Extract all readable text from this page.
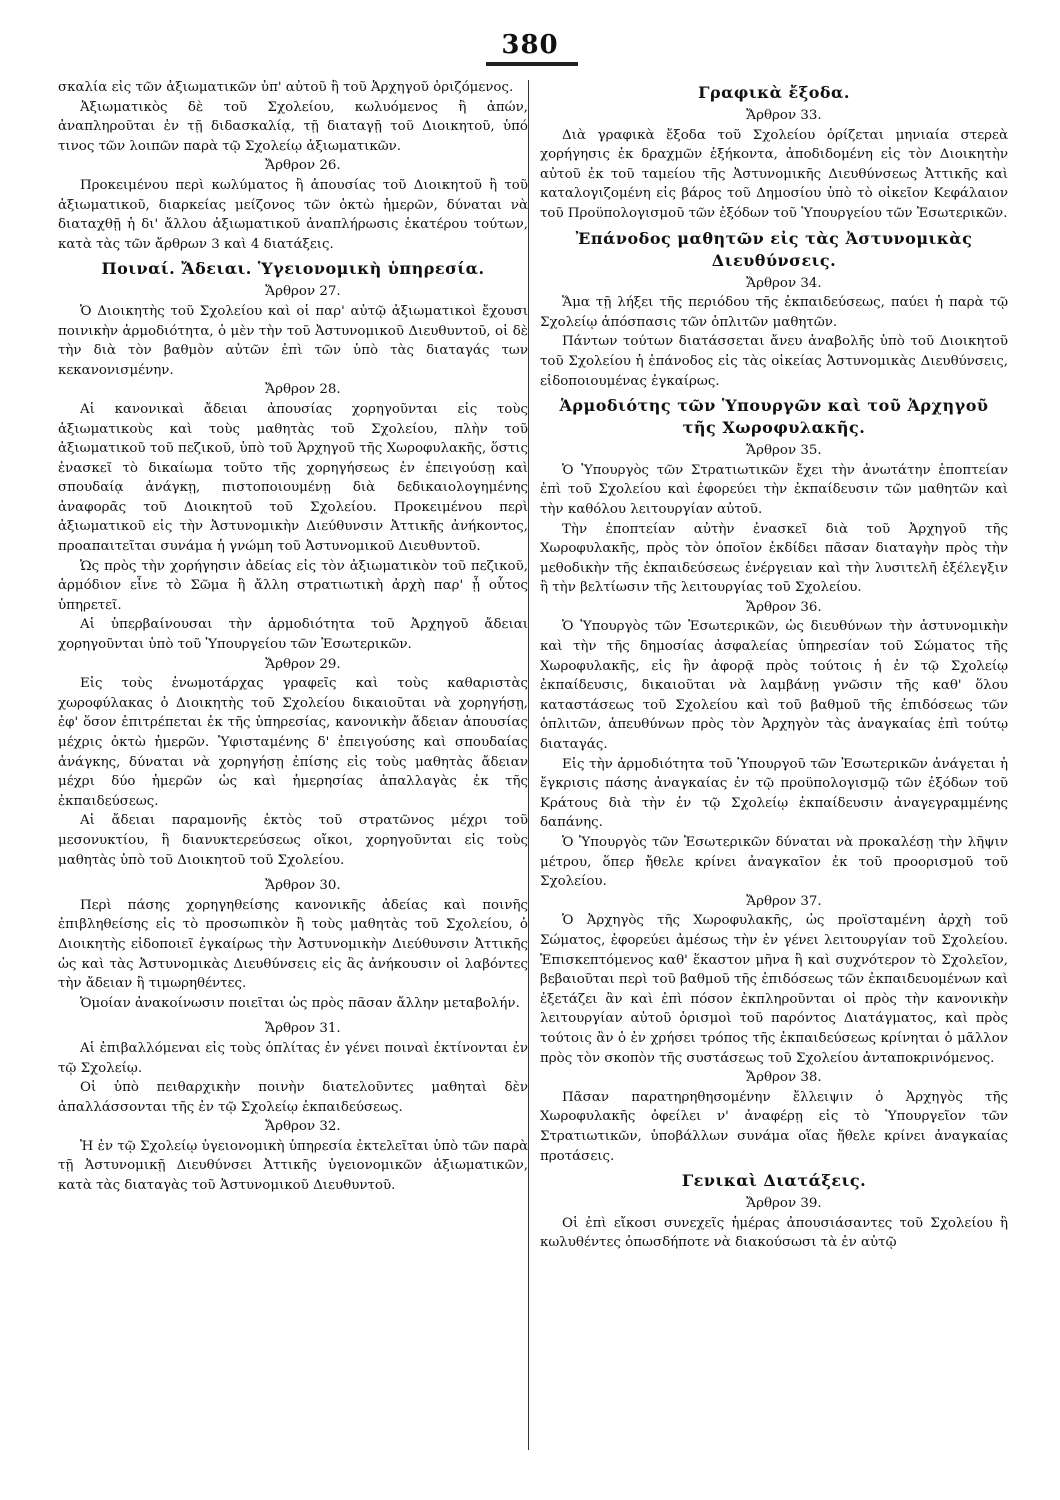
380

σκαλία εἰς τῶν ἀξιωματικῶν ὑπ' αὐτοῦ ἢ τοῦ Ἀρχηγοῦ ὁριζόμενος.

Ἀξιωματικὸς δὲ τοῦ Σχολείου, κωλυόμενος ἢ ἀπών, ἀναπληροῦται ἐν τῇ διδασκαλίᾳ, τῇ διαταγῇ τοῦ Διοικητοῦ, ὑπό τινος τῶν λοιπῶν παρὰ τῷ Σχολείῳ ἀξιωματικῶν.

Ἄρθρον 26.

Προκειμένου περὶ κωλύματος ἢ ἀπουσίας τοῦ Διοικητοῦ ἢ τοῦ ἀξιωματικοῦ, διαρκείας μείζονος τῶν ὀκτὼ ἡμερῶν, δύναται νὰ διαταχθῇ ἡ δι' ἄλλου ἀξιωματικοῦ ἀναπλήρωσις ἑκατέρου τούτων, κατὰ τὰς τῶν ἄρθρων 3 καὶ 4 διατάξεις.

Ποιναί. Ἄδειαι. Ὑγειονομικὴ ὑπηρεσία.

Ἄρθρον 27.

Ὁ Διοικητὴς τοῦ Σχολείου καὶ οἱ παρ' αὐτῷ ἀξιωματικοὶ ἔχουσι ποινικὴν ἁρμοδιότητα, ὁ μὲν τὴν τοῦ Ἀστυνομικοῦ Διευθυντοῦ, οἱ δὲ τὴν διὰ τὸν βαθμὸν αὐτῶν ἐπὶ τῶν ὑπὸ τὰς διαταγάς των κεκανονισμένην.

Ἄρθρον 28.

Αἱ κανονικαὶ ἄδειαι ἀπουσίας χορηγοῦνται εἰς τοὺς ἀξιωματικοὺς καὶ τοὺς μαθητὰς τοῦ Σχολείου, πλὴν τοῦ ἀξιωματικοῦ τοῦ πεζικοῦ, ὑπὸ τοῦ Ἀρχηγοῦ τῆς Χωροφυλακῆς, ὅστις ἐνασκεῖ τὸ δικαίωμα τοῦτο τῆς χορηγήσεως ἐν ἐπειγούσῃ καὶ σπουδαίᾳ ἀνάγκῃ, πιστοποιουμένῃ διὰ δεδικαιολογημένης ἀναφορᾶς τοῦ Διοικητοῦ τοῦ Σχολείου. Προκειμένου περὶ ἀξιωματικοῦ εἰς τὴν Ἀστυνομικὴν Διεύθυνσιν Ἀττικῆς ἀνήκοντος, προαπαιτεῖται συνάμα ἡ γνώμη τοῦ Ἀστυνομικοῦ Διευθυντοῦ.

Ὡς πρὸς τὴν χορήγησιν ἀδείας εἰς τὸν ἀξιωματικὸν τοῦ πεζικοῦ, ἁρμόδιον εἶνε τὸ Σῶμα ἢ ἄλλη στρατιωτικὴ ἀρχὴ παρ' ᾗ οὗτος ὑπηρετεῖ.

Αἱ ὑπερβαίνουσαι τὴν ἁρμοδιότητα τοῦ Ἀρχηγοῦ ἄδειαι χορηγοῦνται ὑπὸ τοῦ Ὑπουργείου τῶν Ἐσωτερικῶν.

Ἄρθρον 29.

Εἰς τοὺς ἐνωμοτάρχας γραφεῖς καὶ τοὺς καθαριστὰς χωροφύλακας ὁ Διοικητὴς τοῦ Σχολείου δικαιοῦται νὰ χορηγήσῃ, ἐφ' ὅσον ἐπιτρέπεται ἐκ τῆς ὑπηρεσίας, κανονικὴν ἄδειαν ἀπουσίας μέχρις ὀκτὼ ἡμερῶν. Ὑφισταμένης δ' ἐπειγούσης καὶ σπουδαίας ἀνάγκης, δύναται νὰ χορηγήσῃ ἐπίσης εἰς τοὺς μαθητὰς ἄδειαν μέχρι δύο ἡμερῶν ὡς καὶ ἡμερησίας ἀπαλλαγὰς ἐκ τῆς ἐκπαιδεύσεως.

Αἱ ἄδειαι παραμονῆς ἐκτὸς τοῦ στρατῶνος μέχρι τοῦ μεσονυκτίου, ἢ διανυκτερεύσεως οἴκοι, χορηγοῦνται εἰς τοὺς μαθητὰς ὑπὸ τοῦ Διοικητοῦ τοῦ Σχολείου.

Ἄρθρον 30.

Περὶ πάσης χορηγηθείσης κανονικῆς ἀδείας καὶ ποινῆς ἐπιβληθείσης εἰς τὸ προσωπικὸν ἢ τοὺς μαθητὰς τοῦ Σχολείου, ὁ Διοικητὴς εἰδοποιεῖ ἐγκαίρως τὴν Ἀστυνομικὴν Διεύθυνσιν Ἀττικῆς ὡς καὶ τὰς Ἀστυνομικὰς Διευθύνσεις εἰς ἃς ἀνήκουσιν οἱ λαβόντες τὴν ἄδειαν ἢ τιμωρηθέντες.

Ὁμοίαν ἀνακοίνωσιν ποιεῖται ὡς πρὸς πᾶσαν ἄλλην μεταβολήν.

Ἄρθρον 31.

Αἱ ἐπιβαλλόμεναι εἰς τοὺς ὁπλίτας ἐν γένει ποιναὶ ἐκτίνονται ἐν τῷ Σχολείῳ.

Οἱ ὑπὸ πειθαρχικὴν ποινὴν διατελοῦντες μαθηταὶ δὲν ἀπαλλάσσονται τῆς ἐν τῷ Σχολείῳ ἐκπαιδεύσεως.

Ἄρθρον 32.

Ἡ ἐν τῷ Σχολείῳ ὑγειονομικὴ ὑπηρεσία ἐκτελεῖται ὑπὸ τῶν παρὰ τῇ Ἀστυνομικῇ Διευθύνσει Ἀττικῆς ὑγειονομικῶν ἀξιωματικῶν, κατὰ τὰς διαταγὰς τοῦ Ἀστυνομικοῦ Διευθυντοῦ.

Γραφικὰ ἔξοδα.

Ἄρθρον 33.

Διὰ γραφικὰ ἔξοδα τοῦ Σχολείου ὁρίζεται μηνιαία στερεὰ χορήγησις ἐκ δραχμῶν ἑξήκοντα, ἀποδιδομένη εἰς τὸν Διοικητὴν αὐτοῦ ἐκ τοῦ ταμείου τῆς Ἀστυνομικῆς Διευθύνσεως Ἀττικῆς καὶ καταλογιζομένη εἰς βάρος τοῦ Δημοσίου ὑπὸ τὸ οἰκεῖον Κεφάλαιον τοῦ Προϋπολογισμοῦ τῶν ἐξόδων τοῦ Ὑπουργείου τῶν Ἐσωτερικῶν.

Ἐπάνοδος μαθητῶν εἰς τὰς Ἀστυνομικὰς Διευθύνσεις.

Ἄρθρον 34.

Ἅμα τῇ λήξει τῆς περιόδου τῆς ἐκπαιδεύσεως, παύει ἡ παρὰ τῷ Σχολείῳ ἀπόσπασις τῶν ὁπλιτῶν μαθητῶν.

Πάντων τούτων διατάσσεται ἄνευ ἀναβολῆς ὑπὸ τοῦ Διοικητοῦ τοῦ Σχολείου ἡ ἐπάνοδος εἰς τὰς οἰκείας Ἀστυνομικὰς Διευθύνσεις, εἰδοποιουμένας ἐγκαίρως.

Ἁρμοδιότης τῶν Ὑπουργῶν καὶ τοῦ Ἀρχηγοῦ τῆς Χωροφυλακῆς.

Ἄρθρον 35.

Ὁ Ὑπουργὸς τῶν Στρατιωτικῶν ἔχει τὴν ἀνωτάτην ἐποπτείαν ἐπὶ τοῦ Σχολείου καὶ ἐφορεύει τὴν ἐκπαίδευσιν τῶν μαθητῶν καὶ τὴν καθόλου λειτουργίαν αὐτοῦ.

Τὴν ἐποπτείαν αὐτὴν ἐνασκεῖ διὰ τοῦ Ἀρχηγοῦ τῆς Χωροφυλακῆς, πρὸς τὸν ὁποῖον ἐκδίδει πᾶσαν διαταγὴν πρὸς τὴν μεθοδικὴν τῆς ἐκπαιδεύσεως ἐνέργειαν καὶ τὴν λυσιτελῆ ἐξέλεγξιν ἢ τὴν βελτίωσιν τῆς λειτουργίας τοῦ Σχολείου.

Ἄρθρον 36.

Ὁ Ὑπουργὸς τῶν Ἐσωτερικῶν, ὡς διευθύνων τὴν ἀστυνομικὴν καὶ τὴν τῆς δημοσίας ἀσφαλείας ὑπηρεσίαν τοῦ Σώματος τῆς Χωροφυλακῆς, εἰς ἣν ἀφορᾷ πρὸς τούτοις ἡ ἐν τῷ Σχολείῳ ἐκπαίδευσις, δικαιοῦται νὰ λαμβάνῃ γνῶσιν τῆς καθ' ὅλου καταστάσεως τοῦ Σχολείου καὶ τοῦ βαθμοῦ τῆς ἐπιδόσεως τῶν ὁπλιτῶν, ἀπευθύνων πρὸς τὸν Ἀρχηγὸν τὰς ἀναγκαίας ἐπὶ τούτῳ διαταγάς.

Εἰς τὴν ἁρμοδιότητα τοῦ Ὑπουργοῦ τῶν Ἐσωτερικῶν ἀνάγεται ἡ ἔγκρισις πάσης ἀναγκαίας ἐν τῷ προϋπολογισμῷ τῶν ἐξόδων τοῦ Κράτους διὰ τὴν ἐν τῷ Σχολείῳ ἐκπαίδευσιν ἀναγεγραμμένης δαπάνης.

Ὁ Ὑπουργὸς τῶν Ἐσωτερικῶν δύναται νὰ προκαλέσῃ τὴν λῆψιν μέτρου, ὅπερ ἤθελε κρίνει ἀναγκαῖον ἐκ τοῦ προορισμοῦ τοῦ Σχολείου.

Ἄρθρον 37.

Ὁ Ἀρχηγὸς τῆς Χωροφυλακῆς, ὡς προϊσταμένη ἀρχὴ τοῦ Σώματος, ἐφορεύει ἀμέσως τὴν ἐν γένει λειτουργίαν τοῦ Σχολείου. Ἐπισκεπτόμενος καθ' ἕκαστον μῆνα ἢ καὶ συχνότερον τὸ Σχολεῖον, βεβαιοῦται περὶ τοῦ βαθμοῦ τῆς ἐπιδόσεως τῶν ἐκπαιδευομένων καὶ ἐξετάζει ἂν καὶ ἐπὶ πόσον ἐκπληροῦνται οἱ πρὸς τὴν κανονικὴν λειτουργίαν αὐτοῦ ὁρισμοὶ τοῦ παρόντος Διατάγματος, καὶ πρὸς τούτοις ἂν ὁ ἐν χρήσει τρόπος τῆς ἐκπαιδεύσεως κρίνηται ὁ μᾶλλον πρὸς τὸν σκοπὸν τῆς συστάσεως τοῦ Σχολείου ἀνταποκρινόμενος.

Ἄρθρον 38.

Πᾶσαν παρατηρηθησομένην ἔλλειψιν ὁ Ἀρχηγὸς τῆς Χωροφυλακῆς ὀφείλει ν' ἀναφέρῃ εἰς τὸ Ὑπουργεῖον τῶν Στρατιωτικῶν, ὑποβάλλων συνάμα οἵας ἤθελε κρίνει ἀναγκαίας προτάσεις.

Γενικαὶ Διατάξεις.

Ἄρθρον 39.

Οἱ ἐπὶ εἴκοσι συνεχεῖς ἡμέρας ἀπουσιάσαντες τοῦ Σχολείου ἢ κωλυθέντες ὁπωσδήποτε νὰ διακούσωσι τὰ ἐν αὐτῷ
